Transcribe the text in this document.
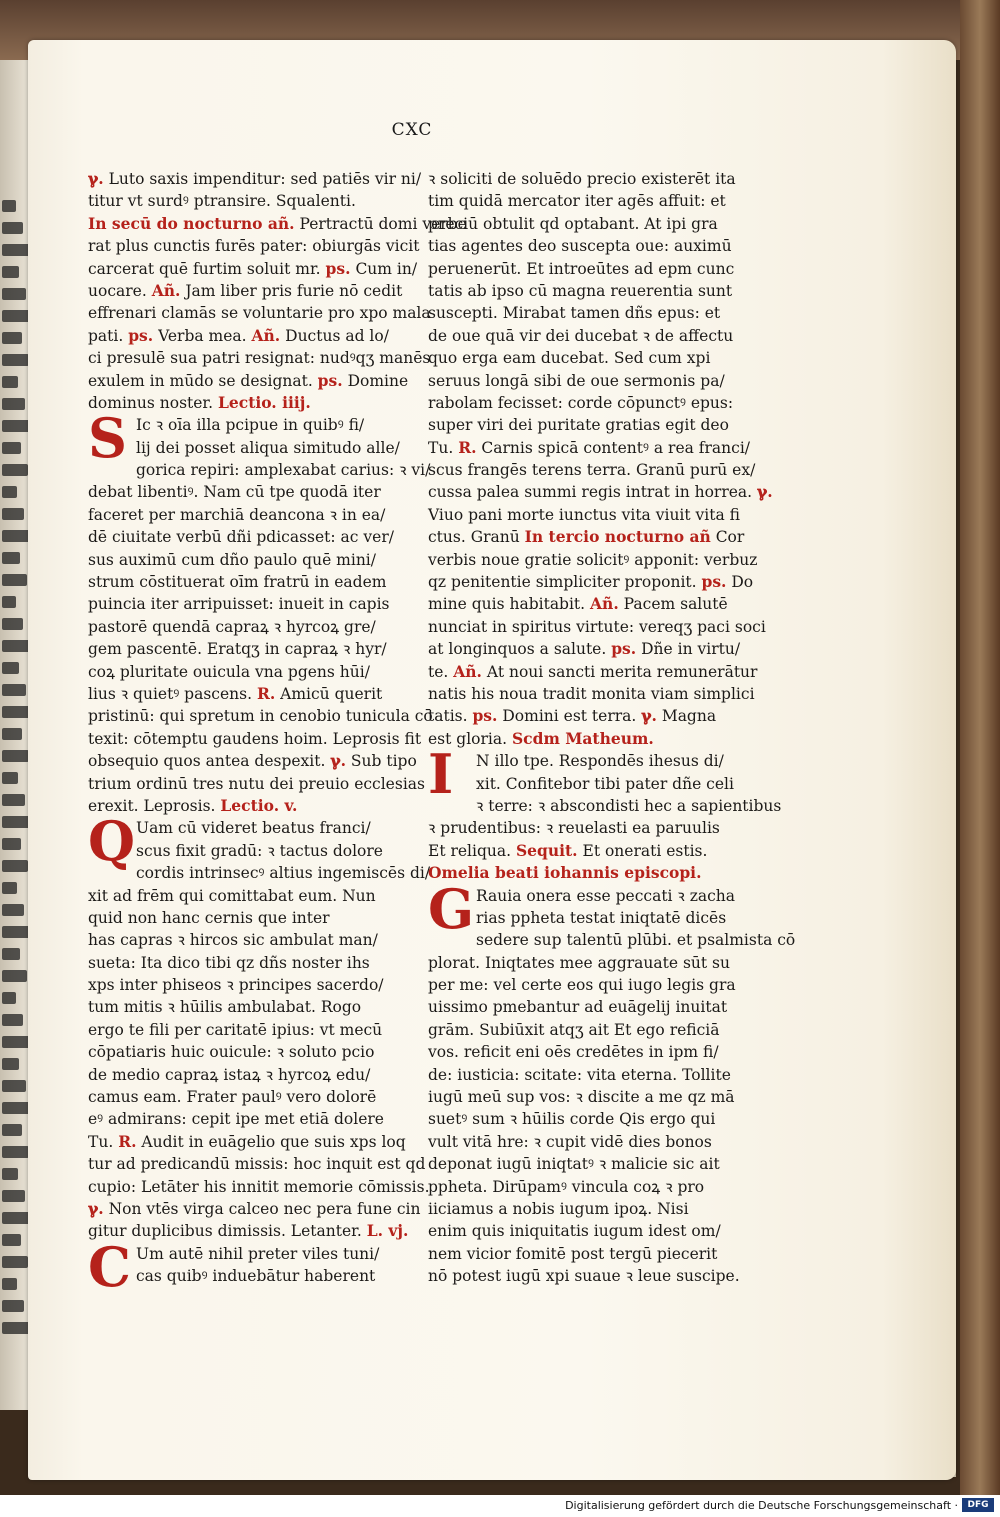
CXC
ℽ. Luto saxis impenditur: sed patiēs vir ni/
titur vt surdꝰ ptransire. Squalenti.
In secū do nocturno añ. Pertractū domi verbe
rat plus cunctis furēs pater: obiurgās vicit
carcerat quē furtim soluit mr. ps. Cum in/
uocare. Añ. Jam liber pris furie nō cedit
effrenari clamās se voluntarie pro xpo mala
pati. ps. Verba mea. Añ. Ductus ad lo/
ci presulē sua patri resignat: nudꝰqʒ manēs
exulem in mūdo se designat. ps. Domine
dominus noster. Lectio. iiij.
S Ic ꝛ oīa illa pcipue in quibꝰ fi/
lij dei posset aliqua simitudo alle/
gorica repiri: amplexabat carius: ꝛ vi/
debat libentiꝰ. Nam cū tpe quodā iter
faceret per marchiā deancona ꝛ in ea/
dē ciuitate verbū dñi pdicasset: ac ver/
sus auximū cum dño paulo quē mini/
strum cōstituerat oīm fratrū in eadem
puincia iter arripuisset: inueit in capis
pastorē quendā capraꝝ ꝛ hyrcoꝝ gre/
gem pascentē. Eratqʒ in capraꝝ ꝛ hyr/
coꝝ pluritate ouicula vna pgens hūi/
lius ꝛ quietꝰ pascens. R. Amicū querit
pristinū: qui spretum in cenobio tunicula cō
texit: cōtemptu gaudens hoim. Leprosis fit
obsequio quos antea despexit. ℽ. Sub tipo
trium ordinū tres nutu dei preuio ecclesias
erexit. Leprosis. Lectio. v.
Q Uam cū videret beatus franci/
scus fixit gradū: ꝛ tactus dolore
cordis intrinsecꝰ altius ingemiscēs di/
xit ad frēm qui comittabat eum. Nun
quid non hanc cernis que inter
has capras ꝛ hircos sic ambulat man/
sueta: Ita dico tibi qz dñs noster ihs
xps inter phiseos ꝛ principes sacerdo/
tum mitis ꝛ hūilis ambulabat. Rogo
ergo te fili per caritatē ipius: vt mecū
cōpatiaris huic ouicule: ꝛ soluto pcio
de medio capraꝝ istaꝝ ꝛ hyrcoꝝ edu/
camus eam. Frater paulꝰ vero dolorē
eꝰ admirans: cepit ipe met etiā dolere
Tu. R. Audit in euāgelio que suis xps loq
tur ad predicandū missis: hoc inquit est qd
cupio: Letāter his innitit memorie cōmissis.
ℽ. Non vtēs virga calceo nec pera fune cin
gitur duplicibus dimissis. Letanter. L. vj.
C Um autē nihil preter viles tuni/
cas quibꝰ induebātur haberent
ꝛ soliciti de soluēdo precio existerēt ita
tim quidā mercator iter agēs affuit: et
preciū obtulit qd optabant. At ipi gra
tias agentes deo suscepta oue: auximū
peruenerūt. Et introeūtes ad epm cunc
tatis ab ipso cū magna reuerentia sunt
suscepti. Mirabat tamen dñs epus: et
de oue quā vir dei ducebat ꝛ de affectu
quo erga eam ducebat. Sed cum xpi
seruus longā sibi de oue sermonis pa/
rabolam fecisset: corde cōpunctꝰ epus:
super viri dei puritate gratias egit deo
Tu. R. Carnis spicā contentꝰ a rea franci/
scus frangēs terens terra. Granū purū ex/
cussa palea summi regis intrat in horrea. ℽ.
Viuo pani morte iunctus vita viuit vita fi
ctus. Granū In tercio nocturno añ Cor
verbis noue gratie solicitꝰ apponit: verbuz
qz penitentie simpliciter proponit. ps. Do
mine quis habitabit. Añ. Pacem salutē
nunciat in spiritus virtute: vereqʒ paci soci
at longinquos a salute. ps. Dñe in virtu/
te. Añ. At noui sancti merita remunerātur
natis his noua tradit monita viam simplici
tatis. ps. Domini est terra. ℽ. Magna
est gloria. Scdm Matheum.
I	N illo tpe. Respondēs ihesus di/
xit. Confitebor tibi pater dñe celi
ꝛ terre: ꝛ abscondisti hec a sapientibus
ꝛ prudentibus: ꝛ reuelasti ea paruulis
Et reliqua. Sequit. Et onerati estis.
Omelia beati iohannis episcopi.
G Rauia onera esse peccati ꝛ zacha
rias ppheta testat iniqtatē dicēs
sedere sup talentū plūbi. et psalmista cō
plorat. Iniqtates mee aggrauate sūt su
per me: vel certe eos qui iugo legis gra
uissimo pmebantur ad euāgelij inuitat
grām. Subiūxit atqʒ ait Et ego reficiā
vos. reficit eni oēs credētes in ipm fi/
de: iusticia: scitate: vita eterna. Tollite
iugū meū sup vos: ꝛ discite a me qz mā
suetꝰ sum ꝛ hūilis corde Qis ergo qui
vult vitā hre: ꝛ cupit vidē dies bonos
deponat iugū iniqtatꝰ ꝛ malicie sic ait
ppheta. Dirūpamꝰ vincula coꝝ ꝛ pro
iiciamus a nobis iugum ipoꝝ. Nisi
enim quis iniquitatis iugum idest om/
nem vicior fomitē post tergū piecerit
nō potest iugū xpi suaue ꝛ leue suscipe.
Digitalisierung gefördert durch die Deutsche Forschungsgemeinschaft ·	DFG
